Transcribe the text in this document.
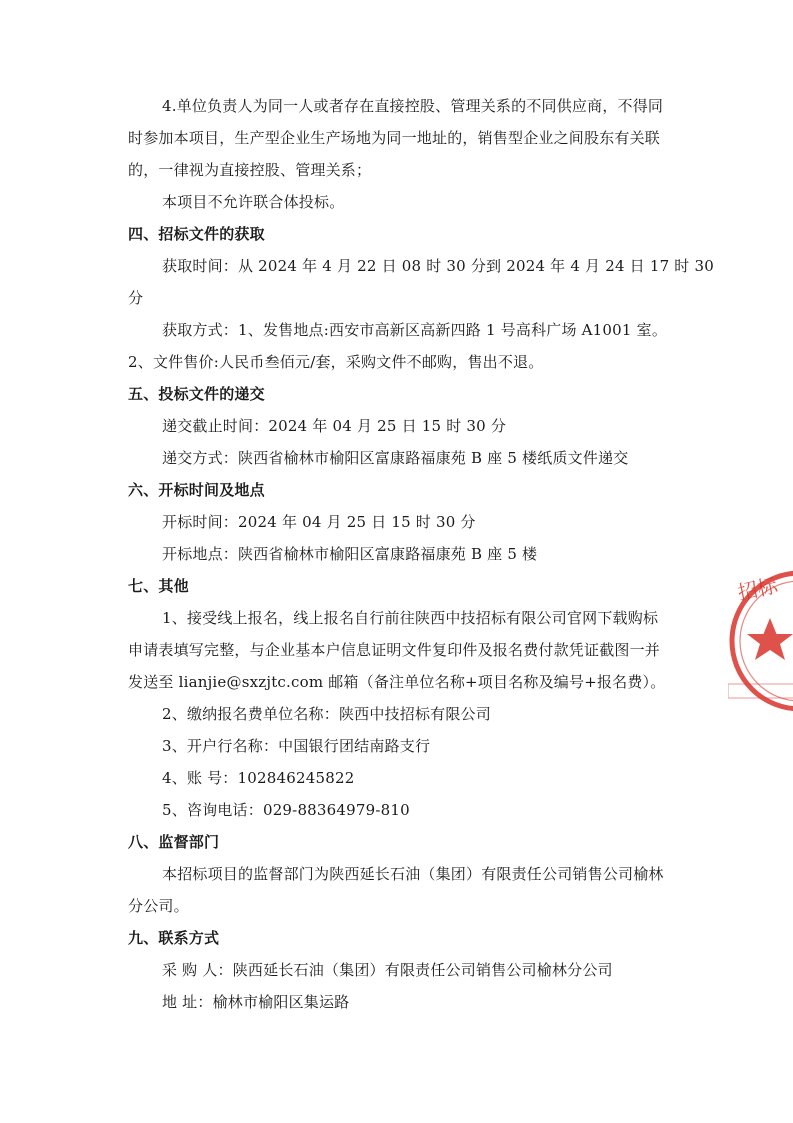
4.单位负责人为同一人或者存在直接控股、管理关系的不同供应商，不得同
时参加本项目，生产型企业生产场地为同一地址的，销售型企业之间股东有关联
的，一律视为直接控股、管理关系；
本项目不允许联合体投标。
四、招标文件的获取
获取时间：从 2024 年 4 月 22 日 08 时 30 分到 2024 年 4 月 24 日 17 时 30
分
获取方式：1、发售地点:西安市高新区高新四路 1 号高科广场 A1001 室。
2、文件售价:人民币叁佰元/套，采购文件不邮购，售出不退。
五、投标文件的递交
递交截止时间：2024 年 04 月 25 日 15 时 30 分
递交方式：陕西省榆林市榆阳区富康路福康苑 B 座 5 楼纸质文件递交
六、开标时间及地点
开标时间：2024 年 04 月 25 日 15 时 30 分
开标地点：陕西省榆林市榆阳区富康路福康苑 B 座 5 楼
七、其他
1、接受线上报名，线上报名自行前往陕西中技招标有限公司官网下载购标
申请表填写完整，与企业基本户信息证明文件复印件及报名费付款凭证截图一并
发送至 lianjie@sxzjtc.com 邮箱（备注单位名称+项目名称及编号+报名费）。
2、缴纳报名费单位名称：陕西中技招标有限公司
3、开户行名称：中国银行团结南路支行
4、账 号：102846245822
5、咨询电话：029-88364979-810
八、监督部门
本招标项目的监督部门为陕西延长石油（集团）有限责任公司销售公司榆林
分公司。
九、联系方式
采 购 人：陕西延长石油（集团）有限责任公司销售公司榆林分公司
地 址：榆林市榆阳区集运路
招标
